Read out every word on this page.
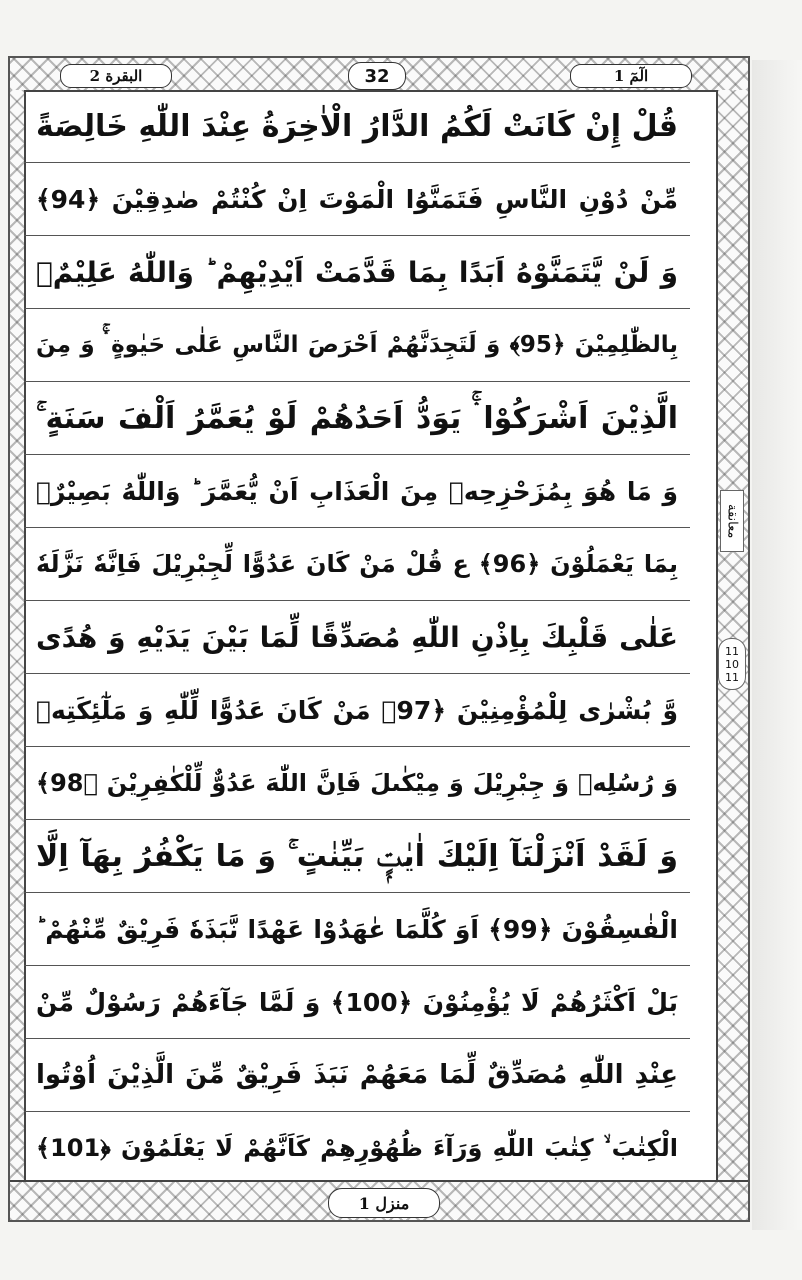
البقرة 2	32	الٓمٓ 1
معانقة
11
10
11
منزل 1
قُلْ إِنْ كَانَتْ لَكُمُ الدَّارُ الْاٰخِرَةُ عِنْدَ اللّٰهِ خَالِصَةً
مِّنْ دُوْنِ النَّاسِ فَتَمَنَّوُا الْمَوْتَ اِنْ كُنْتُمْ صٰدِقِيْنَ ﴿94﴾
وَ لَنْ يَّتَمَنَّوْهُ اَبَدًا بِمَا قَدَّمَتْ اَيْدِيْهِمْ ؕ وَاللّٰهُ عَلِيْمٌۢ
بِالظّٰلِمِيْنَ ﴿95﴾ وَ لَتَجِدَنَّهُمْ اَحْرَصَ النَّاسِ عَلٰى حَيٰوةٍ ۛۚ وَ مِنَ
الَّذِيْنَ اَشْرَكُوْا ۛۚ يَوَدُّ اَحَدُهُمْ لَوْ يُعَمَّرُ اَلْفَ سَنَةٍ ۚ
وَ مَا هُوَ بِمُزَحْزِحِهٖ مِنَ الْعَذَابِ اَنْ يُّعَمَّرَ ؕ وَاللّٰهُ بَصِيْرٌۢ
بِمَا يَعْمَلُوْنَ ﴿96﴾ ع قُلْ مَنْ كَانَ عَدُوًّا لِّجِبْرِيْلَ فَاِنَّهٗ نَزَّلَهٗ
عَلٰى قَلْبِكَ بِاِذْنِ اللّٰهِ مُصَدِّقًا لِّمَا بَيْنَ يَدَيْهِ وَ هُدًى
وَّ بُشْرٰى لِلْمُؤْمِنِيْنَ ﴿97﴾ مَنْ كَانَ عَدُوًّا لِّلّٰهِ وَ مَلٰٓئِكَتِهٖ
وَ رُسُلِهٖ وَ جِبْرِيْلَ وَ مِيْكٰىلَ فَاِنَّ اللّٰهَ عَدُوٌّ لِّلْكٰفِرِيْنَ ﴿98﴾
وَ لَقَدْ اَنْزَلْنَآ اِلَيْكَ اٰيٰتٍۭ بَيِّنٰتٍ ۚ وَ مَا يَكْفُرُ بِهَآ اِلَّا
الْفٰسِقُوْنَ ﴿99﴾ اَوَ كُلَّمَا عٰهَدُوْا عَهْدًا نَّبَذَهٗ فَرِيْقٌ مِّنْهُمْ ؕ
بَلْ اَكْثَرُهُمْ لَا يُؤْمِنُوْنَ ﴿100﴾ وَ لَمَّا جَآءَهُمْ رَسُوْلٌ مِّنْ
عِنْدِ اللّٰهِ مُصَدِّقٌ لِّمَا مَعَهُمْ نَبَذَ فَرِيْقٌ مِّنَ الَّذِيْنَ اُوْتُوا
الْكِتٰبَ ۙ كِتٰبَ اللّٰهِ وَرَآءَ ظُهُوْرِهِمْ كَاَنَّهُمْ لَا يَعْلَمُوْنَ ﴿101﴾
